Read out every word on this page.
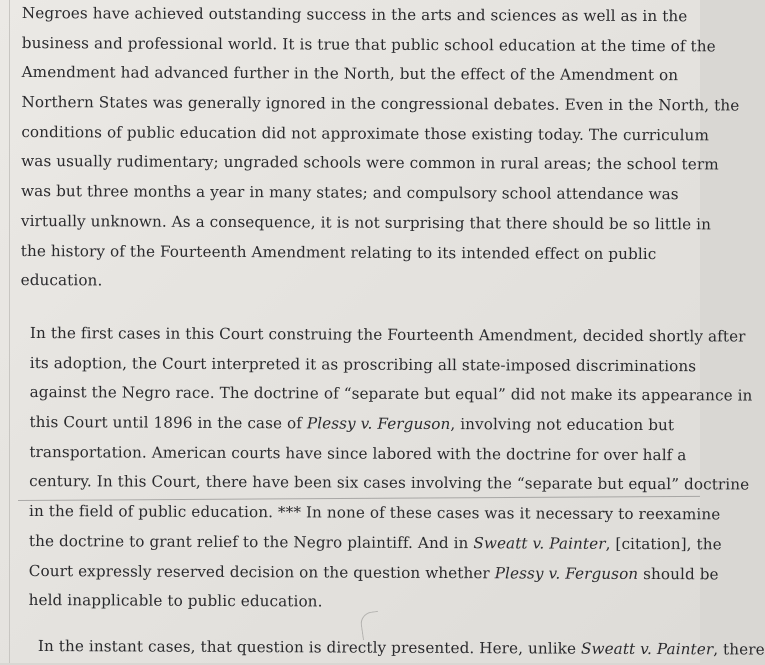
Negroes have achieved outstanding success in the arts and sciences as well as in the
business and professional world. It is true that public school education at the time of the
Amendment had advanced further in the North, but the effect of the Amendment on
Northern States was generally ignored in the congressional debates. Even in the North, the
conditions of public education did not approximate those existing today. The curriculum
was usually rudimentary; ungraded schools were common in rural areas; the school term
was but three months a year in many states; and compulsory school attendance was
virtually unknown. As a consequence, it is not surprising that there should be so little in
the history of the Fourteenth Amendment relating to its intended effect on public
education.
In the first cases in this Court construing the Fourteenth Amendment, decided shortly after
its adoption, the Court interpreted it as proscribing all state-imposed discriminations
against the Negro race. The doctrine of “separate but equal” did not make its appearance in
this Court until 1896 in the case of Plessy v. Ferguson, involving not education but
transportation. American courts have since labored with the doctrine for over half a
century. In this Court, there have been six cases involving the “separate but equal” doctrine
in the field of public education. *** In none of these cases was it necessary to reexamine
the doctrine to grant relief to the Negro plaintiff. And in Sweatt v. Painter, [citation], the
Court expressly reserved decision on the question whether Plessy v. Ferguson should be
held inapplicable to public education.
In the instant cases, that question is directly presented. Here, unlike Sweatt v. Painter, there
